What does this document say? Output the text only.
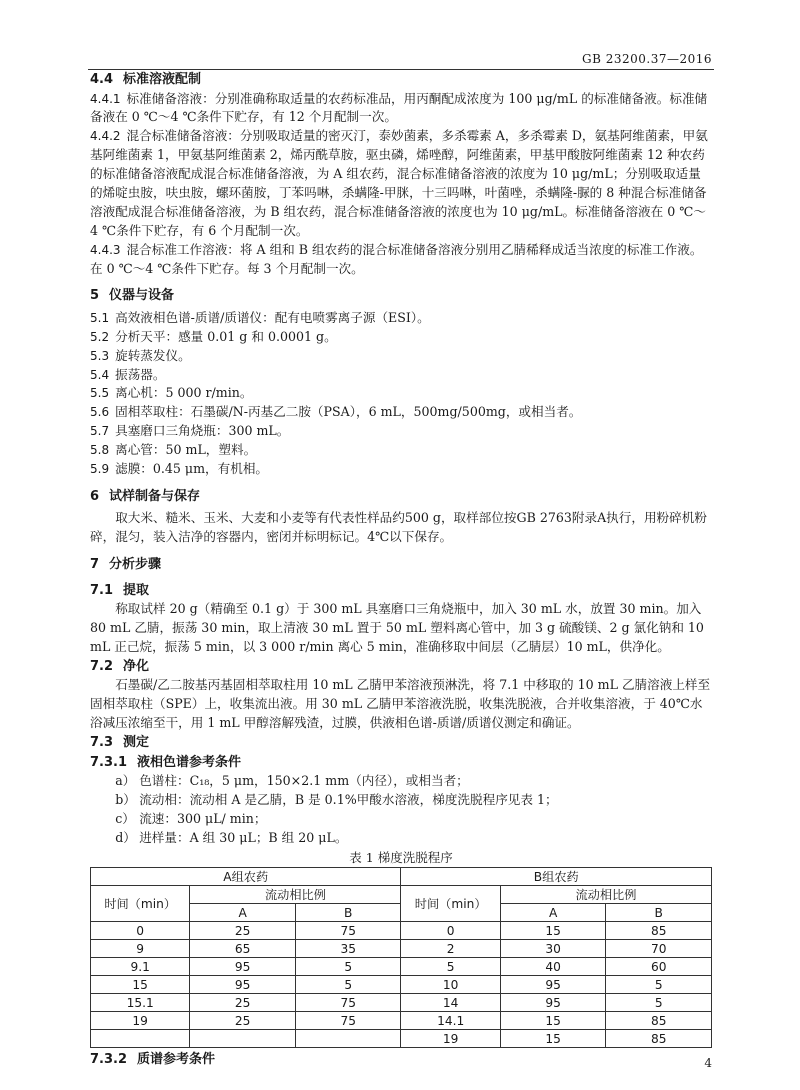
GB 23200.37—2016
4.4 标准溶液配制

4.4.1 标准储备溶液：分别准确称取适量的农药标准品，用丙酮配成浓度为 100 μg/mL 的标准储备液。标准储备液在 0 ℃～4 ℃条件下贮存，有 12 个月配制一次。

4.4.2 混合标准储备溶液：分别吸取适量的密灭汀，泰妙菌素，多杀霉素 A，多杀霉素 D，氨基阿维菌素，甲氨基阿维菌素 1，甲氨基阿维菌素 2，烯丙酰草胺，驱虫磷，烯唑醇，阿维菌素，甲基甲酸胺阿维菌素 12 种农药的标准储备溶液配成混合标准储备溶液，为 A 组农药，混合标准储备溶液的浓度为 10 μg/mL；分别吸取适量的烯啶虫胺，呋虫胺，螺环菌胺，丁苯吗啉，杀螨隆-甲脒，十三吗啉，叶菌唑，杀螨隆-脲的 8 种混合标准储备溶液配成混合标准储备溶液，为 B 组农药，混合标准储备溶液的浓度也为 10 μg/mL。标准储备溶液在 0 ℃～4 ℃条件下贮存，有 6 个月配制一次。

4.4.3 混合标准工作溶液：将 A 组和 B 组农药的混合标准储备溶液分别用乙腈稀释成适当浓度的标准工作液。在 0 ℃～4 ℃条件下贮存。每 3 个月配制一次。

5 仪器与设备

5.1 高效液相色谱-质谱/质谱仪：配有电喷雾离子源（ESI）。

5.2 分析天平：感量 0.01 g 和 0.0001 g。

5.3 旋转蒸发仪。

5.4 振荡器。

5.5 离心机：5 000 r/min。

5.6 固相萃取柱：石墨碳/N-丙基乙二胺（PSA），6 mL，500mg/500mg，或相当者。

5.7 具塞磨口三角烧瓶：300 mL。

5.8 离心管：50 mL，塑料。

5.9 滤膜：0.45 μm，有机相。

6 试样制备与保存

取大米、糙米、玉米、大麦和小麦等有代表性样品约500 g，取样部位按GB 2763附录A执行，用粉碎机粉碎，混匀，装入洁净的容器内，密闭并标明标记。4℃以下保存。

7 分析步骤
7.1 提取

称取试样 20 g（精确至 0.1 g）于 300 mL 具塞磨口三角烧瓶中，加入 30 mL 水，放置 30 min。加入 80 mL 乙腈，振荡 30 min，取上清液 30 mL 置于 50 mL 塑料离心管中，加 3 g 硫酸镁、2 g 氯化钠和 10 mL 正己烷，振荡 5 min，以 3 000 r/min 离心 5 min，准确移取中间层（乙腈层）10 mL，供净化。

7.2 净化

石墨碳/乙二胺基丙基固相萃取柱用 10 mL 乙腈甲苯溶液预淋洗，将 7.1 中移取的 10 mL 乙腈溶液上样至固相萃取柱（SPE）上，收集流出液。用 30 mL 乙腈甲苯溶液洗脱，收集洗脱液，合并收集溶液，于 40℃水浴减压浓缩至干，用 1 mL 甲醇溶解残渣，过膜，供液相色谱-质谱/质谱仪测定和确证。

7.3 测定
7.3.1 液相色谱参考条件

a） 色谱柱：C₁₈，5 μm，150×2.1 mm（内径），或相当者；

b） 流动相：流动相 A 是乙腈，B 是 0.1%甲酸水溶液，梯度洗脱程序见表 1；

c） 流速：300 μL/ min；

d） 进样量：A 组 30 μL；B 组 20 μL。

表 1 梯度洗脱程序
A组农药			B组农药		
时间（min）	流动相比例		时间（min）	流动相比例	
	A	B		A	B
0	25	75	0	15	85
9	65	35	2	30	70
9.1	95	5	5	40	60
15	95	5	10	95	5
15.1	25	75	14	95	5
19	25	75	14.1	15	85
			19	15	85
7.3.2 质谱参考条件	4
